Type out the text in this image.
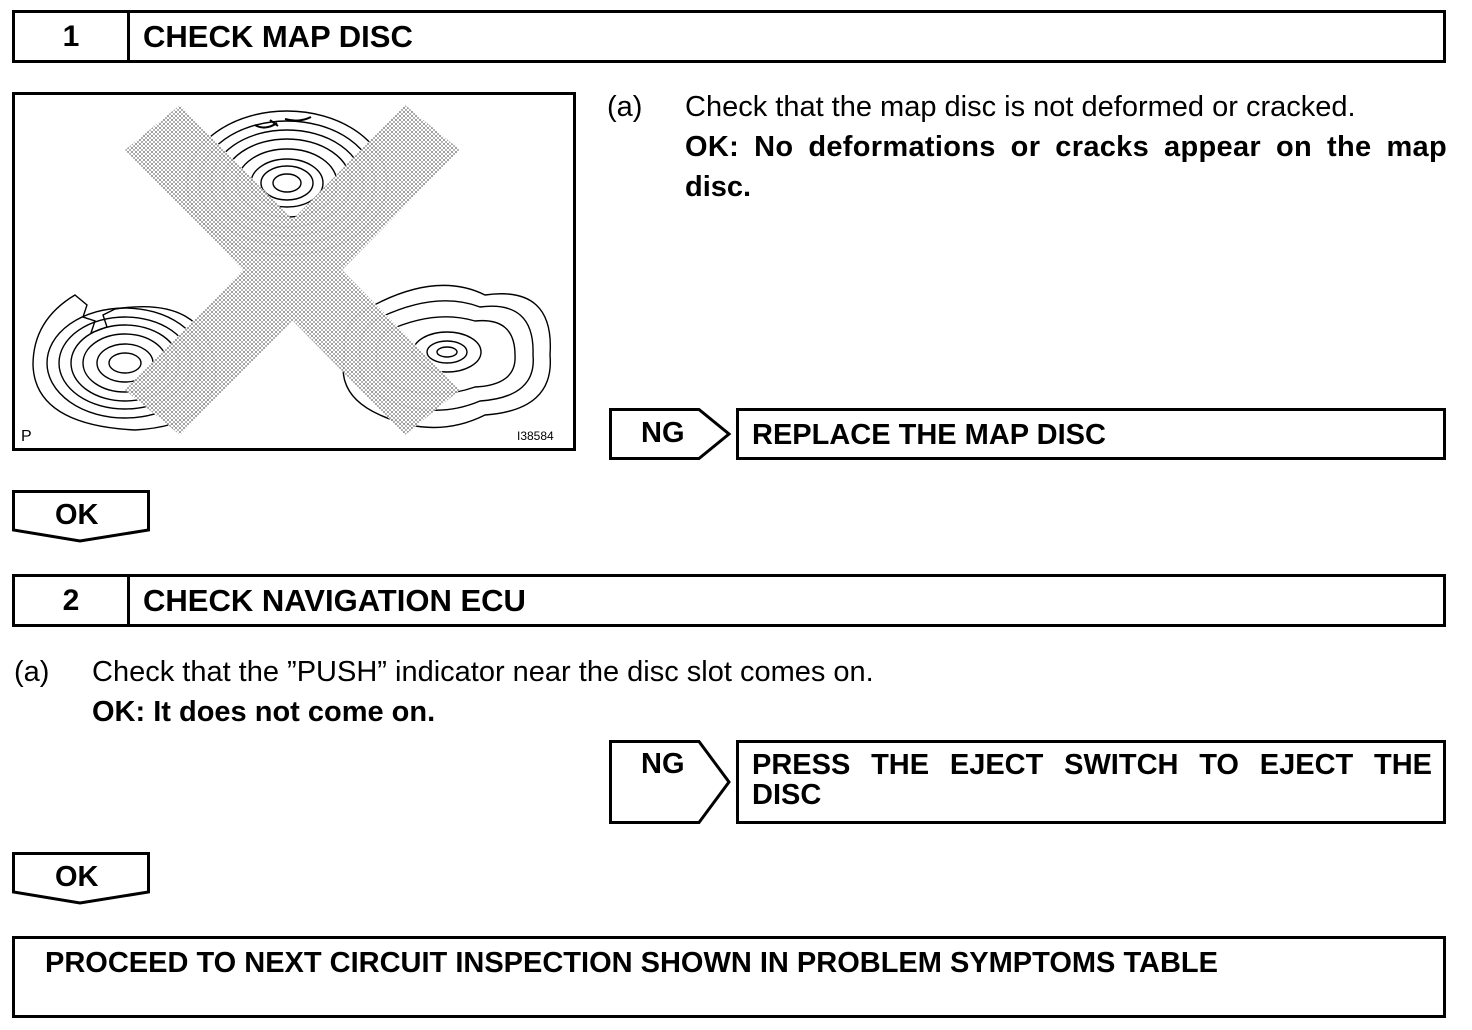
1	CHECK MAP DISC
P	I38584
(a) Check that the map disc is not deformed or cracked.
OK: No deformations or cracks appear on the map
disc.
NG REPLACE THE MAP DISC
OK
2	CHECK NAVIGATION ECU
(a) Check that the ”PUSH” indicator near the disc slot comes on.
OK: It does not come on.
NG PRESS THE EJECT SWITCH TO EJECT THE
DISC
OK
PROCEED TO NEXT CIRCUIT INSPECTION SHOWN IN PROBLEM SYMPTOMS TABLE
